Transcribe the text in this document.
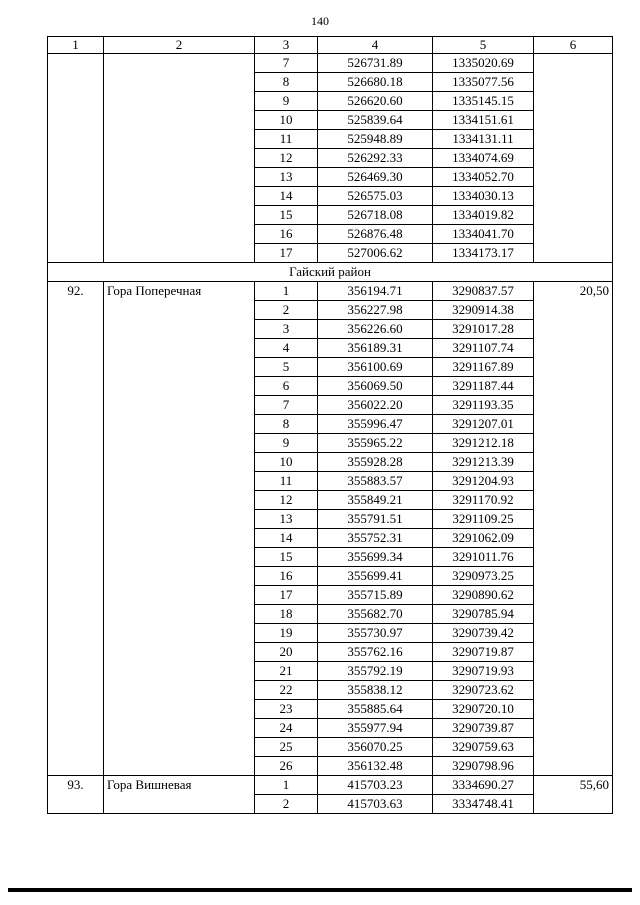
140
1	2	3	4	5	6
		7	526731.89	1335020.69	
		8	526680.18	1335077.56	
		9	526620.60	1335145.15	
		10	525839.64	1334151.61	
		11	525948.89	1334131.11	
		12	526292.33	1334074.69	
		13	526469.30	1334052.70	
		14	526575.03	1334030.13	
		15	526718.08	1334019.82	
		16	526876.48	1334041.70	
		17	527006.62	1334173.17	
Гайский район					
92.	Гора Поперечная	1	356194.71	3290837.57	20,50
		2	356227.98	3290914.38	
		3	356226.60	3291017.28	
		4	356189.31	3291107.74	
		5	356100.69	3291167.89	
		6	356069.50	3291187.44	
		7	356022.20	3291193.35	
		8	355996.47	3291207.01	
		9	355965.22	3291212.18	
		10	355928.28	3291213.39	
		11	355883.57	3291204.93	
		12	355849.21	3291170.92	
		13	355791.51	3291109.25	
		14	355752.31	3291062.09	
		15	355699.34	3291011.76	
		16	355699.41	3290973.25	
		17	355715.89	3290890.62	
		18	355682.70	3290785.94	
		19	355730.97	3290739.42	
		20	355762.16	3290719.87	
		21	355792.19	3290719.93	
		22	355838.12	3290723.62	
		23	355885.64	3290720.10	
		24	355977.94	3290739.87	
		25	356070.25	3290759.63	
		26	356132.48	3290798.96	
93.	Гора Вишневая	1	415703.23	3334690.27	55,60
		2	415703.63	3334748.41	
